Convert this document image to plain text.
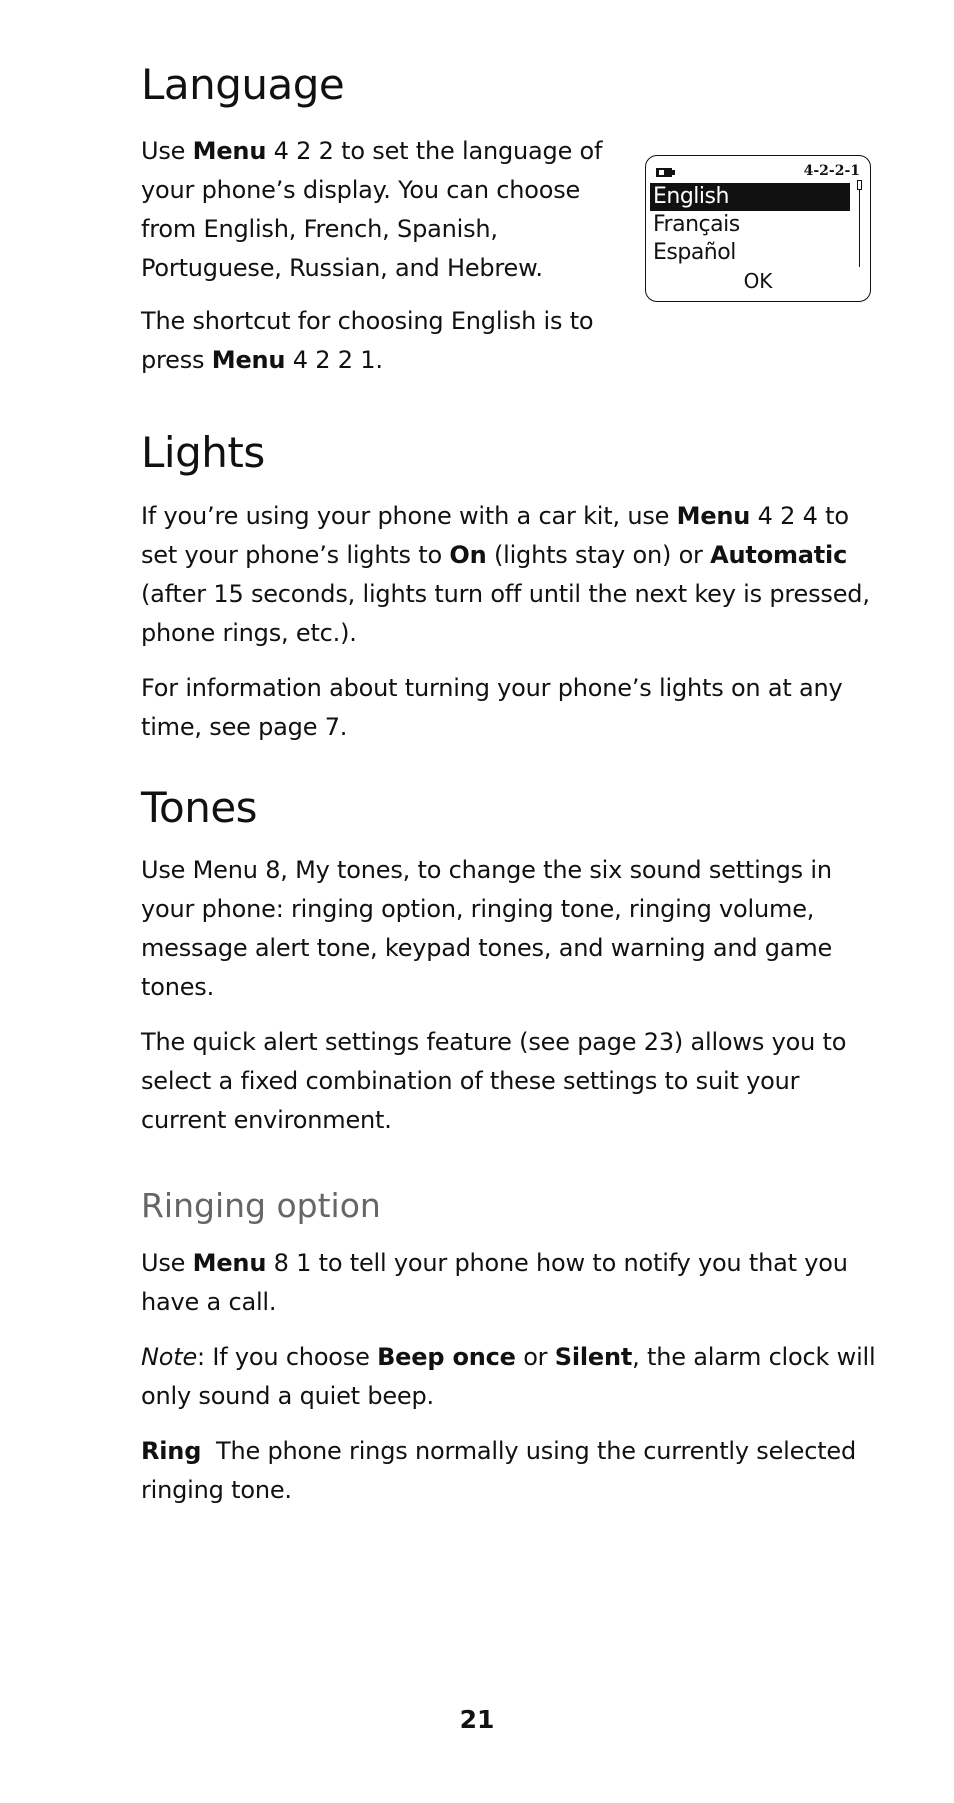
Language

Use Menu 4 2 2 to set the language of your phone’s display. You can choose from English, French, Spanish, Portuguese, Russian, and Hebrew.

The shortcut for choosing English is to press Menu 4 2 2 1.

Lights

If you’re using your phone with a car kit, use Menu 4 2 4 to set your phone’s lights to On (lights stay on) or Automatic (after 15 seconds, lights turn off until the next key is pressed, phone rings, etc.).

For information about turning your phone’s lights on at any time, see page 7.

Tones

Use Menu 8, My tones, to change the six sound settings in your phone: ringing option, ringing tone, ringing volume, message alert tone, keypad tones, and warning and game tones.

The quick alert settings feature (see page 23) allows you to select a fixed combination of these settings to suit your current environment.

Ringing option

Use Menu 8 1 to tell your phone how to notify you that you have a call.

Note: If you choose Beep once or Silent, the alarm clock will only sound a quiet beep.

Ring  The phone rings normally using the currently selected ringing tone.

4-2-2-1
English
Français
Español
OK
21
